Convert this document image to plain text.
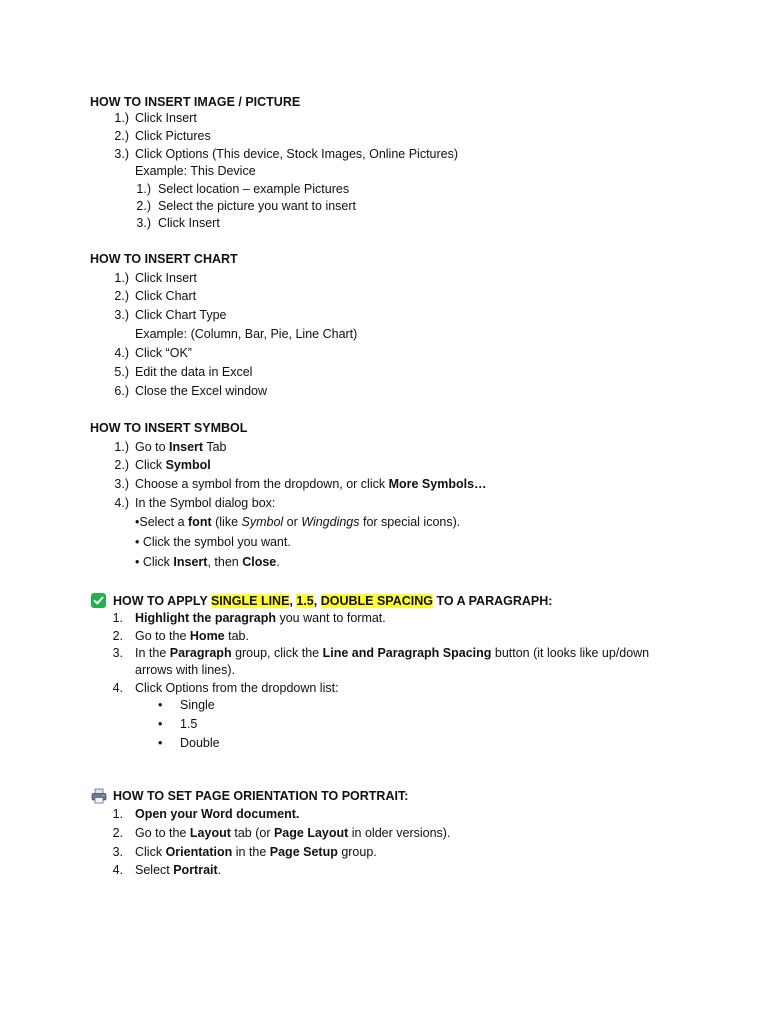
HOW TO INSERT IMAGE / PICTURE
1.) Click Insert
2.) Click Pictures
3.) Click Options (This device, Stock Images, Online Pictures)
Example: This Device
1.) Select location – example Pictures
2.) Select the picture you want to insert
3.) Click Insert
HOW TO INSERT CHART
1.) Click Insert
2.) Click Chart
3.) Click Chart Type
Example: (Column, Bar, Pie, Line Chart)
4.) Click “OK”
5.) Edit the data in Excel
6.) Close the Excel window
HOW TO INSERT SYMBOL
1.) Go to Insert Tab
2.) Click Symbol
3.) Choose a symbol from the dropdown, or click More Symbols…
4.) In the Symbol dialog box:
•Select a font (like Symbol or Wingdings for special icons).
• Click the symbol you want.
• Click Insert, then Close.
HOW TO APPLY SINGLE LINE, 1.5, DOUBLE SPACING TO A PARAGRAPH:
1. Highlight the paragraph you want to format.
2. Go to the Home tab.
3. In the Paragraph group, click the Line and Paragraph Spacing button (it looks like up/down
arrows with lines).
4. Click Options from the dropdown list:
• Single
• 1.5
• Double
HOW TO SET PAGE ORIENTATION TO PORTRAIT:
1. Open your Word document.
2. Go to the Layout tab (or Page Layout in older versions).
3. Click Orientation in the Page Setup group.
4. Select Portrait.
